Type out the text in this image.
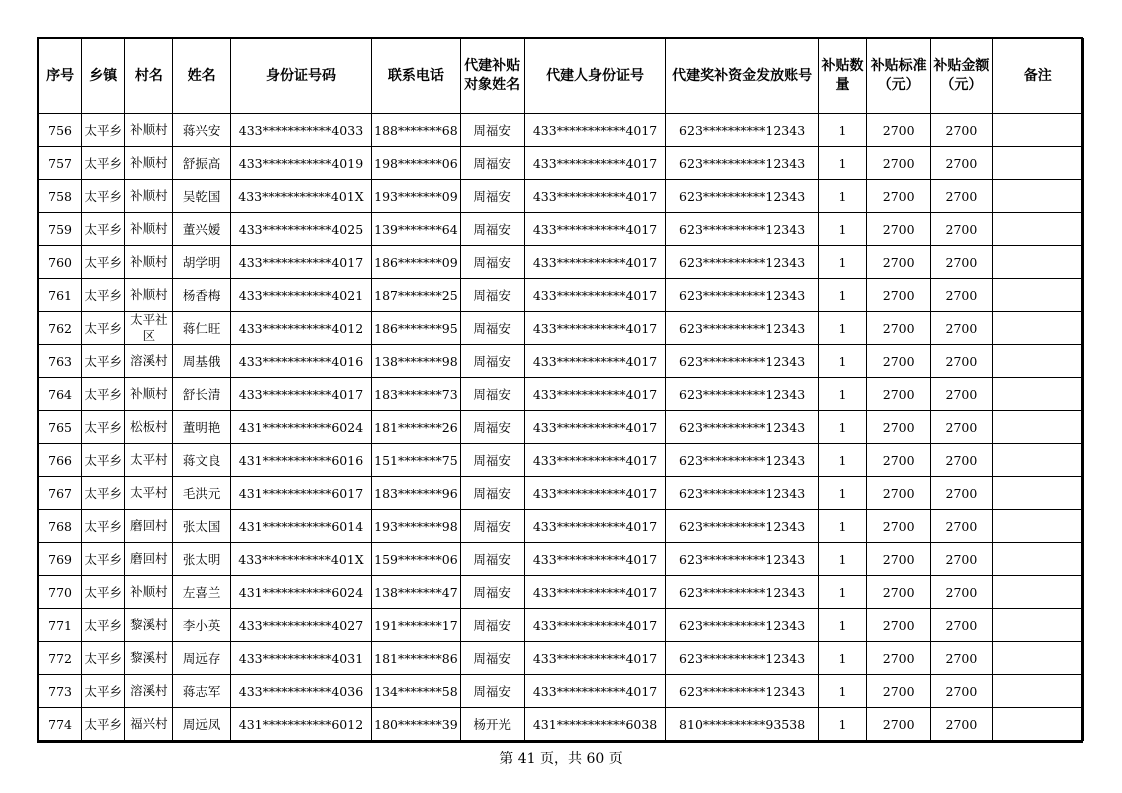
序号	乡镇	村名	姓名	身份证号码	联系电话	代建补贴对象姓名	代建人身份证号	代建奖补资金发放账号	补贴数量	补贴标准（元）	补贴金额（元）	备注
756	太平乡	补顺村	蒋兴安	433***********4033	188*******68	周福安	433***********4017	623**********12343	1	2700	2700	
757	太平乡	补顺村	舒振高	433***********4019	198*******06	周福安	433***********4017	623**********12343	1	2700	2700	
758	太平乡	补顺村	吴乾国	433***********401X	193*******09	周福安	433***********4017	623**********12343	1	2700	2700	
759	太平乡	补顺村	董兴嫒	433***********4025	139*******64	周福安	433***********4017	623**********12343	1	2700	2700	
760	太平乡	补顺村	胡学明	433***********4017	186*******09	周福安	433***********4017	623**********12343	1	2700	2700	
761	太平乡	补顺村	杨香梅	433***********4021	187*******25	周福安	433***********4017	623**********12343	1	2700	2700	
762	太平乡	太平社区	蒋仁旺	433***********4012	186*******95	周福安	433***********4017	623**********12343	1	2700	2700	
763	太平乡	溶溪村	周基俄	433***********4016	138*******98	周福安	433***********4017	623**********12343	1	2700	2700	
764	太平乡	补顺村	舒长清	433***********4017	183*******73	周福安	433***********4017	623**********12343	1	2700	2700	
765	太平乡	松板村	董明艳	431***********6024	181*******26	周福安	433***********4017	623**********12343	1	2700	2700	
766	太平乡	太平村	蒋文良	431***********6016	151*******75	周福安	433***********4017	623**********12343	1	2700	2700	
767	太平乡	太平村	毛洪元	431***********6017	183*******96	周福安	433***********4017	623**********12343	1	2700	2700	
768	太平乡	磨回村	张太国	431***********6014	193*******98	周福安	433***********4017	623**********12343	1	2700	2700	
769	太平乡	磨回村	张太明	433***********401X	159*******06	周福安	433***********4017	623**********12343	1	2700	2700	
770	太平乡	补顺村	左喜兰	431***********6024	138*******47	周福安	433***********4017	623**********12343	1	2700	2700	
771	太平乡	黎溪村	李小英	433***********4027	191*******17	周福安	433***********4017	623**********12343	1	2700	2700	
772	太平乡	黎溪村	周远存	433***********4031	181*******86	周福安	433***********4017	623**********12343	1	2700	2700	
773	太平乡	溶溪村	蒋志军	433***********4036	134*******58	周福安	433***********4017	623**********12343	1	2700	2700	
774	太平乡	福兴村	周远凤	431***********6012	180*******39	杨开光	431***********6038	810**********93538	1	2700	2700	
第 41 页，共 60 页
